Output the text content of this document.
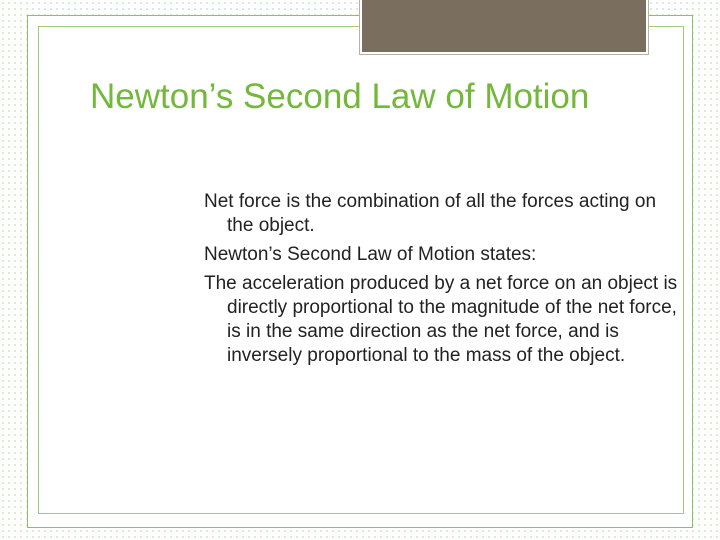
Newton’s Second Law of Motion
Net force is the combination of all the forces acting on the object.
Newton’s Second Law of Motion states:
The acceleration produced by a net force on an object is directly proportional to the magnitude of the net force, is in the same direction as the net force, and is inversely proportional to the mass of the object.
